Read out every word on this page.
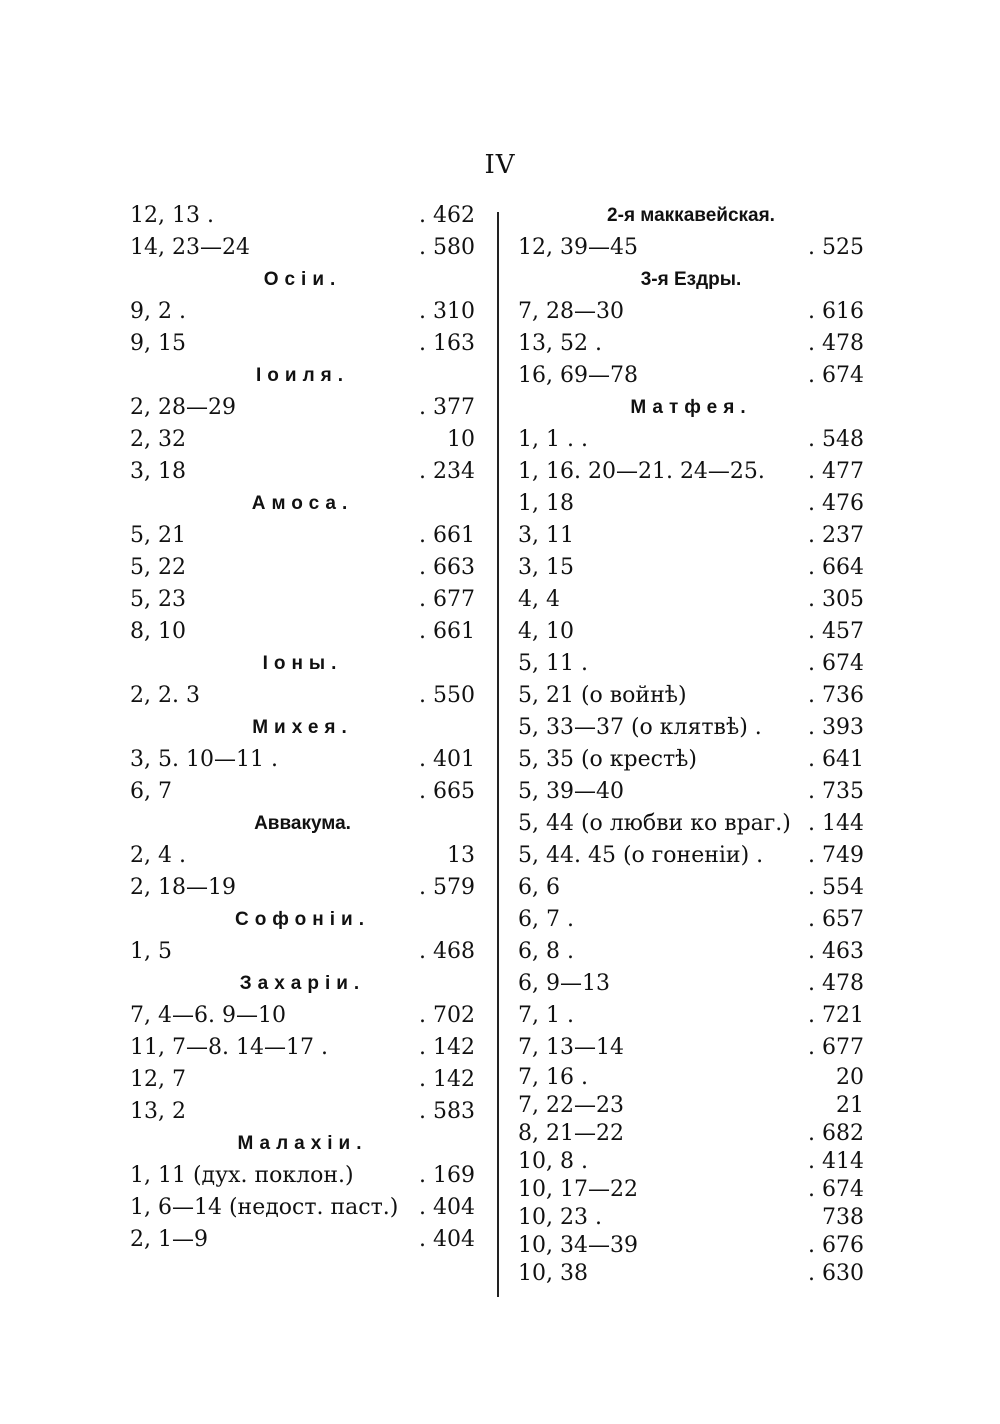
IV
12, 13 .	. 462
14, 23—24	. 580
Осіи.
9, 2 .	. 310
9, 15	. 163
Іоиля.
2, 28—29	. 377
2, 32	10
3, 18	. 234
Амоса.
5, 21	. 661
5, 22	. 663
5, 23	. 677
8, 10	. 661
Іоны.
2, 2. 3	. 550
Михея.
3, 5. 10—11 .	. 401
6, 7	. 665
Аввакума.
2, 4 .	13
2, 18—19	. 579
Софоніи.
1, 5	. 468
Захаріи.
7, 4—6. 9—10	. 702
11, 7—8. 14—17 .	. 142
12, 7	. 142
13, 2	. 583
Малахіи.
1, 11 (дух. поклон.)	. 169
1, 6—14 (недост. паст.) . 404
2, 1—9	. 404
2-я маккавейская.
12, 39—45	. 525
3-я Ездры.
7, 28—30	. 616
13, 52 .	. 478
16, 69—78	. 674
Матфея.
1, 1 . .	. 548
1, 16. 20—21. 24—25. . 477
1, 18	. 476
3, 11	. 237
3, 15	. 664
4, 4	. 305
4, 10	. 457
5, 11 .	. 674
5, 21 (о войнѣ)	. 736
5, 33—37 (о клятвѣ) . . 393
5, 35 (о крестѣ)	. 641
5, 39—40	. 735
5, 44 (о любви ко враг.) . 144
5, 44. 45 (о гоненіи) . . 749
6, 6	. 554
6, 7 .	. 657
6, 8 .	. 463
6, 9—13	. 478
7, 1 .	. 721
7, 13—14	. 677
7, 16 .	20
7, 22—23	21
8, 21—22	. 682
10, 8 .	. 414
10, 17—22	. 674
10, 23 .	738
10, 34—39	. 676
10, 38	. 630
